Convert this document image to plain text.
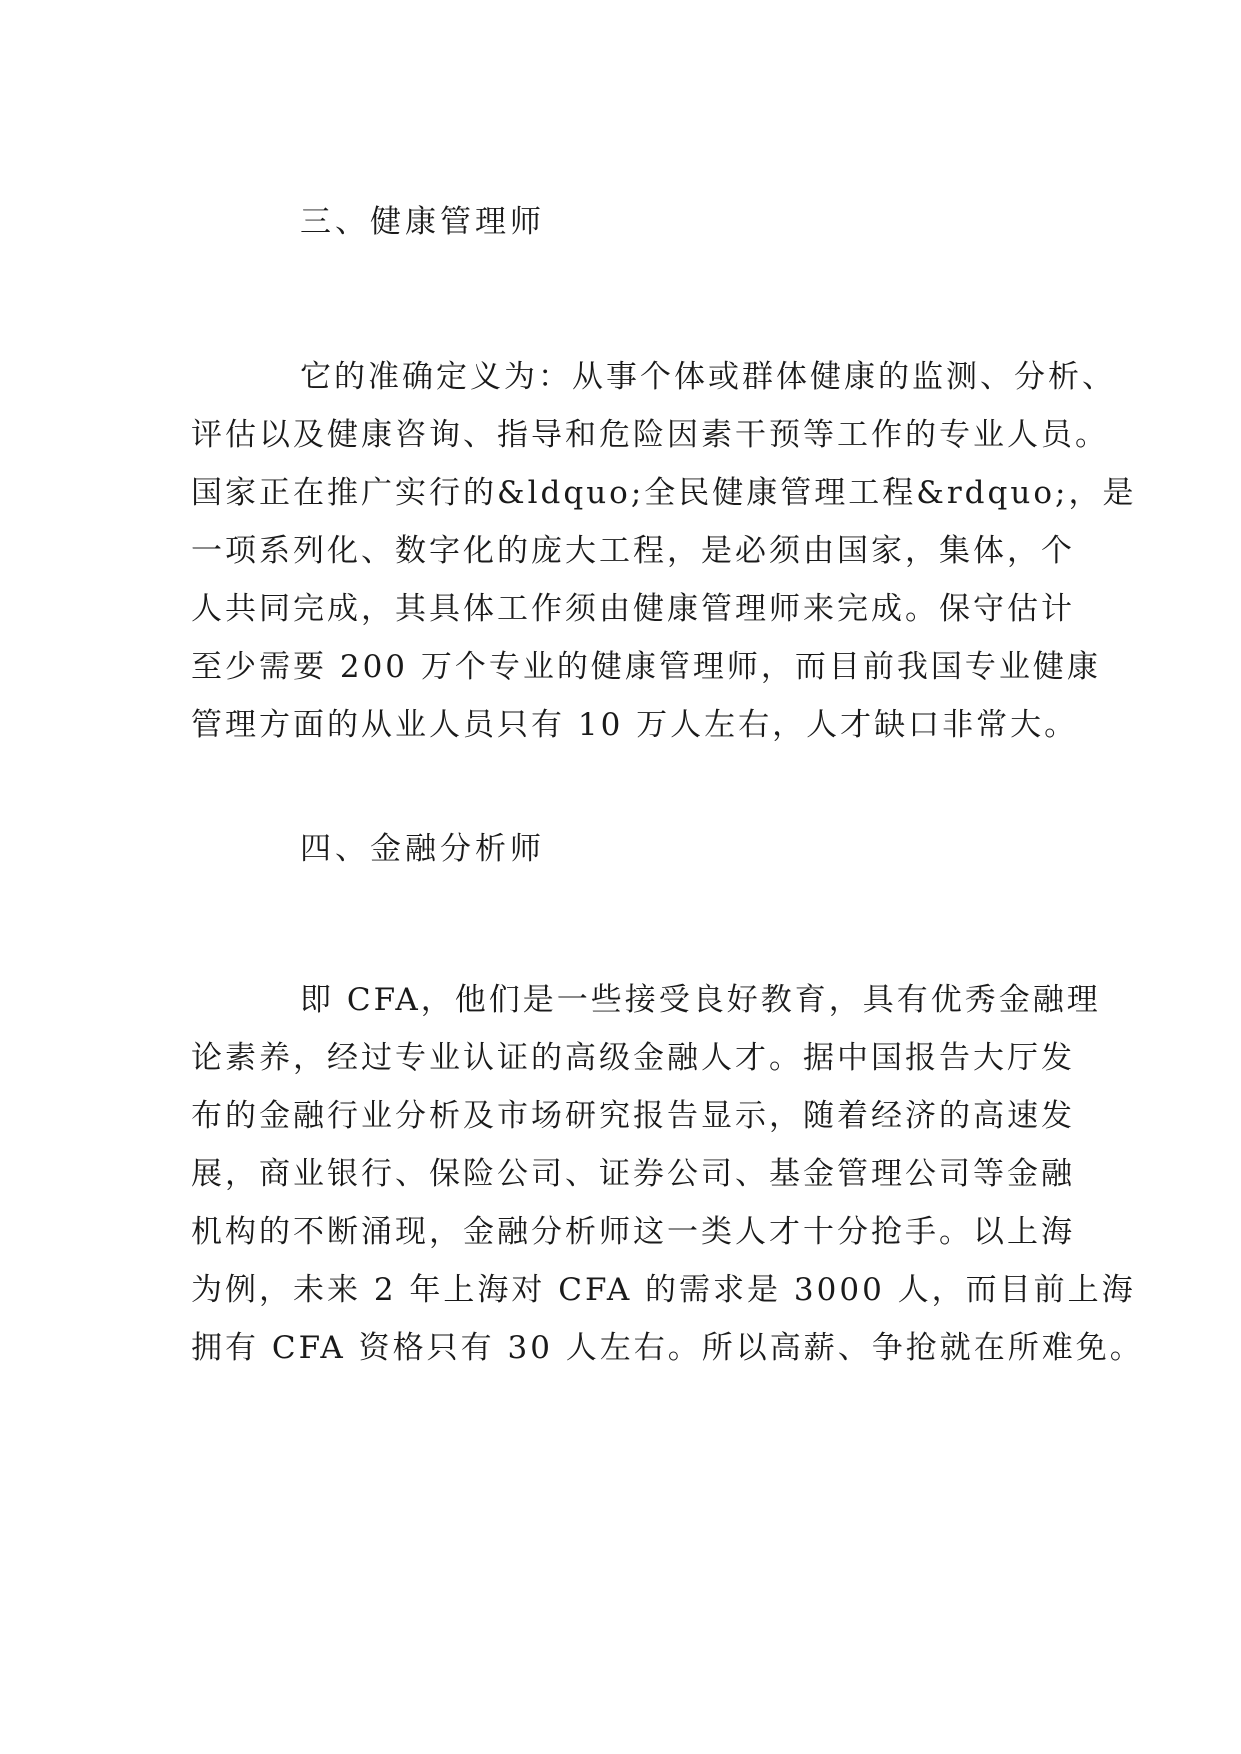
三、健康管理师
它的准确定义为：从事个体或群体健康的监测、分析、
评估以及健康咨询、指导和危险因素干预等工作的专业人员。
国家正在推广实行的&ldquo;全民健康管理工程&rdquo;，是
一项系列化、数字化的庞大工程，是必须由国家，集体，个
人共同完成，其具体工作须由健康管理师来完成。保守估计
至少需要 200 万个专业的健康管理师，而目前我国专业健康
管理方面的从业人员只有 10 万人左右，人才缺口非常大。
四、金融分析师
即 CFA，他们是一些接受良好教育，具有优秀金融理
论素养，经过专业认证的高级金融人才。据中国报告大厅发
布的金融行业分析及市场研究报告显示，随着经济的高速发
展，商业银行、保险公司、证券公司、基金管理公司等金融
机构的不断涌现，金融分析师这一类人才十分抢手。以上海
为例，未来 2 年上海对 CFA 的需求是 3000 人，而目前上海
拥有 CFA 资格只有 30 人左右。所以高薪、争抢就在所难免。
